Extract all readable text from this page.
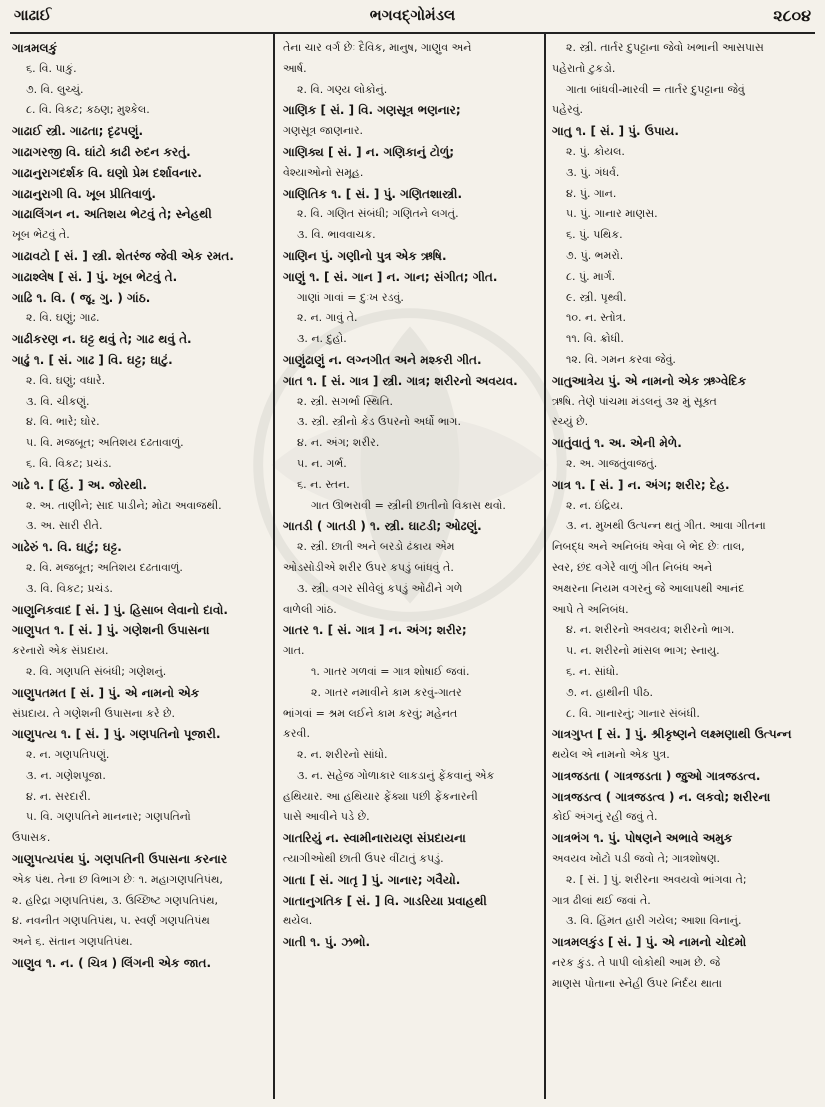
ભગવદ્ગોમંડલ
ગાઢાઈ	૨૮૦૪
ગાત્રમલકું
૬. વિ. પાકું.
૭. વિ. લુચ્ચું.
૮. વિ. વિકટ; કઠણ; મુશ્કેલ.
ગાઢાઈ સ્ત્રી. ગાઢતા; દૃઢપણું.
ગાઢાગરજી વિ. ઘાંટો કાઢી રુદન કરતું.
ગાઢાનુરાગદર્શક વિ. ઘણો પ્રેમ દર્શાવનાર.
ગાઢાનુરાગી વિ. ખૂબ પ્રીતિવાળું.
ગાઢાલિંગન ન. અતિશય ભેટવું તે; સ્નેહથી
ખૂબ ભેટવું તે.
ગાઢાવટો [ સં. ] સ્ત્રી. શેતરંજ જેવી એક રમત.
ગાઢાશ્લેષ [ સં. ] પું. ખૂબ ભેટવું તે.
ગાઢિ ૧. વિ. ( જૂ. ગુ. ) ગાંઠ.
૨. વિ. ઘણું; ગાઢ.
ગાઢીકરણ ન. ઘટ્ટ થવું તે; ગાઢ થવું તે.
ગાઢું ૧. [ સં. ગાઢ ] વિ. ઘટ્ટ; ઘાટું.
૨. વિ. ઘણું; વધારે.
૩. વિ. ચીકણું.
૪. વિ. ભારે; ઘોર.
૫. વિ. મજબૂત; અતિશય દઢતાવાળું.
૬. વિ. વિકટ; પ્રચંડ.
ગાઢે ૧. [ હિં. ] અ. જોરથી.
૨. અ. તાણીને; સાદ પાડીને; મોટા અવાજથી.
૩. અ. સારી રીતે.
ગાઢેરું ૧. વિ. ઘાટું; ઘટ્ટ.
૨. વિ. મજબૂત; અતિશય દઢતાવાળું.
૩. વિ. વિકટ; પ્રચંડ.
ગાણુનિકવાદ [ સં. ] પું. હિસાબ લેવાનો દાવો.
ગાણુપત ૧. [ સં. ] પું. ગણેશની ઉપાસના
કરનારો એક સંપ્રદાય.
૨. વિ. ગણપતિ સંબંધી; ગણેશનું.
ગાણુપતમત [ સં. ] પું. એ નામનો એક
સંપ્રદાય. તે ગણેશની ઉપાસના કરે છે.
ગાણુપત્ય ૧. [ સં. ] પું. ગણપતિનો પૂજારી.
૨. ન. ગણપતિપણું.
૩. ન. ગણેશપૂજા.
૪. ન. સરદારી.
૫. વિ. ગણપતિને માનનાર; ગણપતિનો
ઉપાસક.
ગાણુપત્યપંથ પું. ગણપતિની ઉપાસના કરનાર
એક પંથ. તેના છ વિભાગ છેઃ ૧. મહાગણપતિપંથ,
૨. હરિદ્રા ગણપતિપંથ, ૩. ઉચ્છિષ્ટ ગણપતિપંથ,
૪. નવનીત ગણપતિપંથ, ૫. સ્વર્ણ ગણપતિપંથ
અને ૬. સંતાન ગણપતિપંથ.
ગાણુવ ૧. ન. ( ચિત્ર ) લિંગની એક જાત.
તેના ચાર વર્ગ છેઃ દૈવિક, માનુષ, ગાણુવ અને
આર્ષ.
૨. વિ. ગણ્ય લોકોનું.
ગાણિક [ સં. ] વિ. ગણસૂત્ર ભણનાર;
ગણસૂત્ર જાણનાર.
ગાણિક્ય [ સં. ] ન. ગણિકાનું ટોળું;
વેશ્યાઓનો સમૂહ.
ગાણિતિક ૧. [ સં. ] પું. ગણિતશાસ્ત્રી.
૨. વિ. ગણિત સંબંધી; ગણિતને લગતું.
૩. વિ. ભાવવાચક.
ગાણિન પું. ગણીનો પુત્ર એક ઋષિ.
ગાણું ૧. [ સં. ગાન ] ન. ગાન; સંગીત; ગીત.
ગાણાં ગાવાં = દુઃખ રડવું.
૨. ન. ગાવું તે.
૩. ન. દુહો.
ગાણુંઢાણું ન. લગ્નગીત અને મશ્કરી ગીત.
ગાત ૧. [ સં. ગાત્ર ] સ્ત્રી. ગાત્ર; શરીરનો અવયવ.
૨. સ્ત્રી. સગર્ભા સ્થિતિ.
૩. સ્ત્રી. સ્ત્રીનો કેડ ઉપરનો અર્ધો ભાગ.
૪. ન. અંગ; શરીર.
૫. ન. ગર્ભ.
૬. ન. સ્તન.
ગાત ઊભરાવી = સ્ત્રીની છાતીનો વિકાસ થવો.
ગાતડી ( ગાતડી ) ૧. સ્ત્રી. ઘાટડી; ઓઢણું.
૨. સ્ત્રી. છાતી અને બરડો ઢંકાય એમ
ઓડસોડીએ શરીર ઉપર કપડું બાંધવું તે.
૩. સ્ત્રી. વગર સીવેલું કપડું ઓઢીને ગળે
વાળેલી ગાંઠ.
ગાતર ૧. [ સં. ગાત્ર ] ન. અંગ; શરીર;
ગાત.
૧. ગાતર ગળવાં = ગાત્ર શોષાઈ જવાં.
૨. ગાતર નમાવીને કામ કરવું-ગાતર
ભાંગવાં = શ્રમ લઈને કામ કરવું; મહેનત
કરવી.
૨. ન. શરીરનો સાંધો.
૩. ન. સહેજ ગોળાકાર લાકડાનું ફેંકવાનું એક
હથિયાર. આ હથિયાર ફેંક્યા પછી ફેંકનારની
પાસે આવીને પડે છે.
ગાતરિયું ન. સ્વામીનારાયણ સંપ્રદાયના
ત્યાગીઓથી છાતી ઉપર વીંટાતું કપડું.
ગાતા [ સં. ગાતૃ ] પું. ગાનાર; ગવૈયો.
ગાતાનુગતિક [ સં. ] વિ. ગાડરિયા પ્રવાહથી
થયેલ.
ગાતી ૧. પું. ઝભો.
૨. સ્ત્રી. તાર્તર દુપટ્ટાના જેવો ખભાની આસપાસ
પહેરાતો ટુકડો.
ગાતા બાંધવી-મારવી = તાર્તર દુપટ્ટાના જેવું
પહેરવું.
ગાતુ ૧. [ સં. ] પું. ઉપાય.
૨. પું. કોયલ.
૩. પું. ગંધર્વ.
૪. પું. ગાન.
૫. પું. ગાનાર માણસ.
૬. પું. પથિક.
૭. પું. ભમરો.
૮. પું. માર્ગ.
૯. સ્ત્રી. પૃથ્વી.
૧૦. ન. સ્તોત્ર.
૧૧. વિ. ક્રોધી.
૧૨. વિ. ગમન કરવા જેવું.
ગાતુઆત્રેય પું. એ નામનો એક ઋગ્વેદિક
ઋષિ. તેણે પાંચમા મંડલનું ૩૨ મું સૂક્ત
રચ્યું છે.
ગાતુંવાતું ૧. અ. એની મેળે.
૨. અ. ગાજતુંવાજતું.
ગાત્ર ૧. [ સં. ] ન. અંગ; શરીર; દેહ.
૨. ન. ઇંદ્રિય.
૩. ન. મુખથી ઉત્પન્ન થતું ગીત. આવા ગીતના
નિબદ્ધ અને અનિબંધ એવા બે ભેદ છેઃ તાલ,
સ્વર, છંદ વગેરે વાળું ગીત નિબંધ અને
અક્ષરના નિયમ વગરનું જે આલાપથી આનંદ
આપે તે અનિબંધ.
૪. ન. શરીરનો અવયવ; શરીરનો ભાગ.
૫. ન. શરીરનો માંસલ ભાગ; સ્નાયુ.
૬. ન. સાંધો.
૭. ન. હાથીની પીઠ.
૮. વિ. ગાનારનું; ગાનાર સંબંધી.
ગાત્રગુપ્ત [ સં. ] પું. શ્રીકૃષ્ણને લક્ષ્મણાથી ઉત્પન્ન
થયેલ એ નામનો એક પુત્ર.
ગાત્રજડતા ( ગાત્રજડતા ) જુઓ ગાત્રજડત્વ.
ગાત્રજડત્વ ( ગાત્રજડત્વ ) ન. લકવો; શરીરના
કોઈ અંગનું રહી જવું તે.
ગાત્રભંગ ૧. પું. પોષણને અભાવે અમુક
અવયવ ખોટો પડી જવો તે; ગાત્રશોષણ.
૨. [ સં. ] પું. શરીરના અવયવો ભાંગવા તે;
ગાત્ર ઢીલાં થઈ જવાં તે.
૩. વિ. હિંમત હારી ગયેલ; આશા વિનાનું.
ગાત્રમલકુંડ [ સં. ] પું. એ નામનો ચોદમો
નરક કુંડ. તે પાપી લોકોથી આમ છે. જે
માણસ પોતાના સ્નેહી ઉપર નિર્દય થાતા
